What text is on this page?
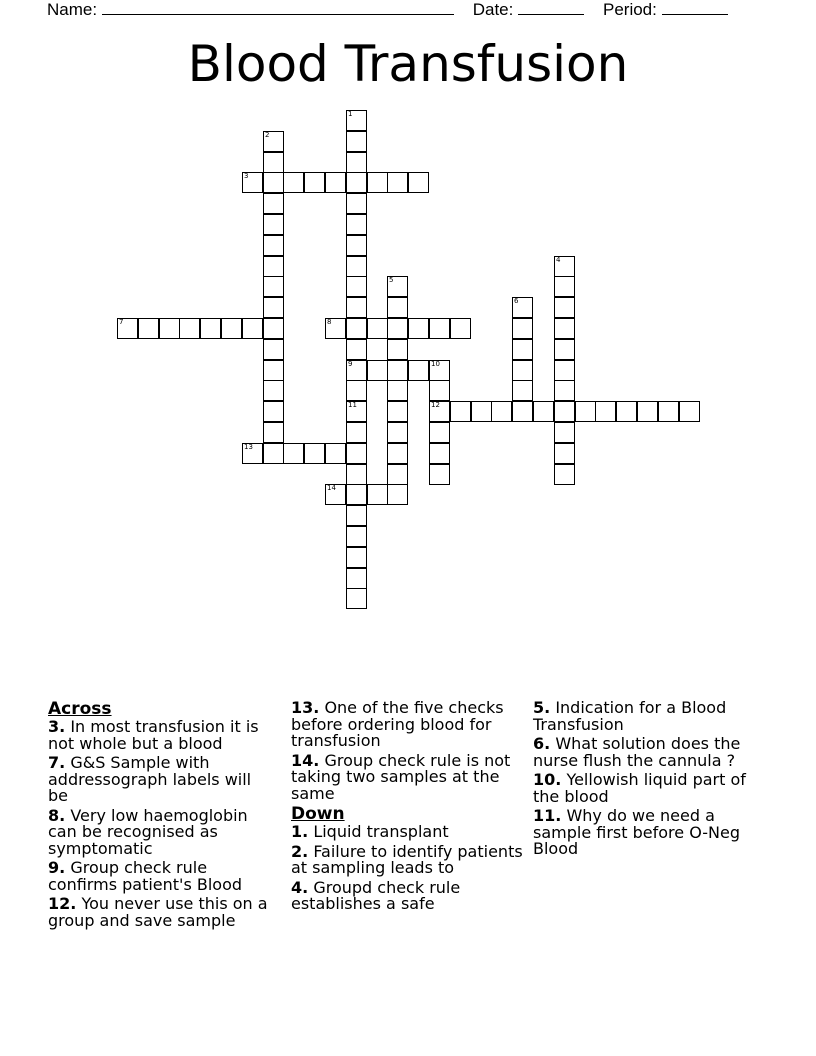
Name:	Date:	Period:
Blood Transfusion
1
9
11
2
3
4
5
6
7	8
10
12
13
14
Across
3. In most transfusion it is not whole but a blood
7. G&S Sample with addressograph labels will be
8. Very low haemoglobin can be recognised as symptomatic
9. Group check rule confirms patient's Blood
12. You never use this on a group and save sample
13. One of the five checks before ordering blood for transfusion
14. Group check rule is not taking two samples at the same
Down
1. Liquid transplant
2. Failure to identify patients at sampling leads to
4. Groupd check rule establishes a safe
5. Indication for a Blood Transfusion
6. What solution does the nurse flush the cannula ?
10. Yellowish liquid part of the blood
11. Why do we need a sample first before O-Neg Blood
